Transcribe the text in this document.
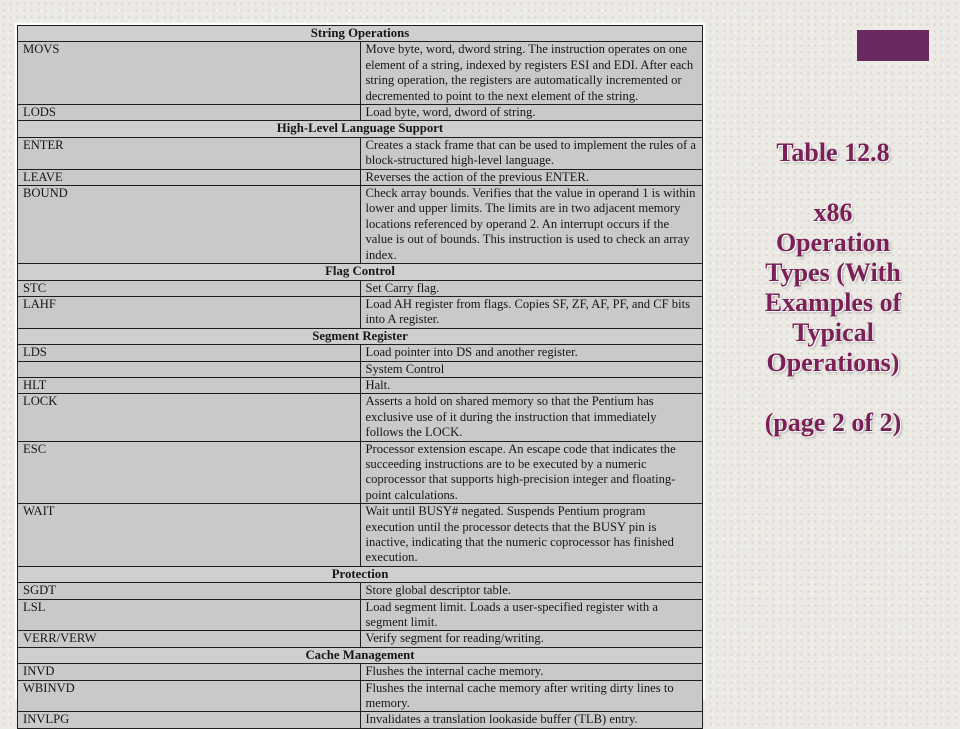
String Operations	
MOVS	Move byte, word, dword string. The instruction operates on one element of a string, indexed by registers ESI and EDI. After each string operation, the registers are automatically incremented or decremented to point to the next element of the string.
LODS	Load byte, word, dword of string.
High-Level Language Support	
ENTER	Creates a stack frame that can be used to implement the rules of a block-structured high-level language.
LEAVE	Reverses the action of the previous ENTER.
BOUND	Check array bounds. Verifies that the value in operand 1 is within lower and upper limits. The limits are in two adjacent memory locations referenced by operand 2. An interrupt occurs if the value is out of bounds. This instruction is used to check an array index.
Flag Control	
STC	Set Carry flag.
LAHF	Load AH register from flags. Copies SF, ZF, AF, PF, and CF bits into A register.
Segment Register	
LDS	Load pointer into DS and another register.
	System Control
HLT	Halt.
LOCK	Asserts a hold on shared memory so that the Pentium has exclusive use of it during the instruction that immediately follows the LOCK.
ESC	Processor extension escape. An escape code that indicates the succeeding instructions are to be executed by a numeric coprocessor that supports high-precision integer and floating-point calculations.
WAIT	Wait until BUSY# negated. Suspends Pentium program execution until the processor detects that the BUSY pin is inactive, indicating that the numeric coprocessor has finished execution.
Protection	
SGDT	Store global descriptor table.
LSL	Load segment limit. Loads a user-specified register with a segment limit.
VERR/VERW	Verify segment for reading/writing.
Cache Management	
INVD	Flushes the internal cache memory.
WBINVD	Flushes the internal cache memory after writing dirty lines to memory.
INVLPG	Invalidates a translation lookaside buffer (TLB) entry.
Table 12.8
x86
Operation
Types (With
Examples of
Typical
Operations)
(page 2 of 2)
